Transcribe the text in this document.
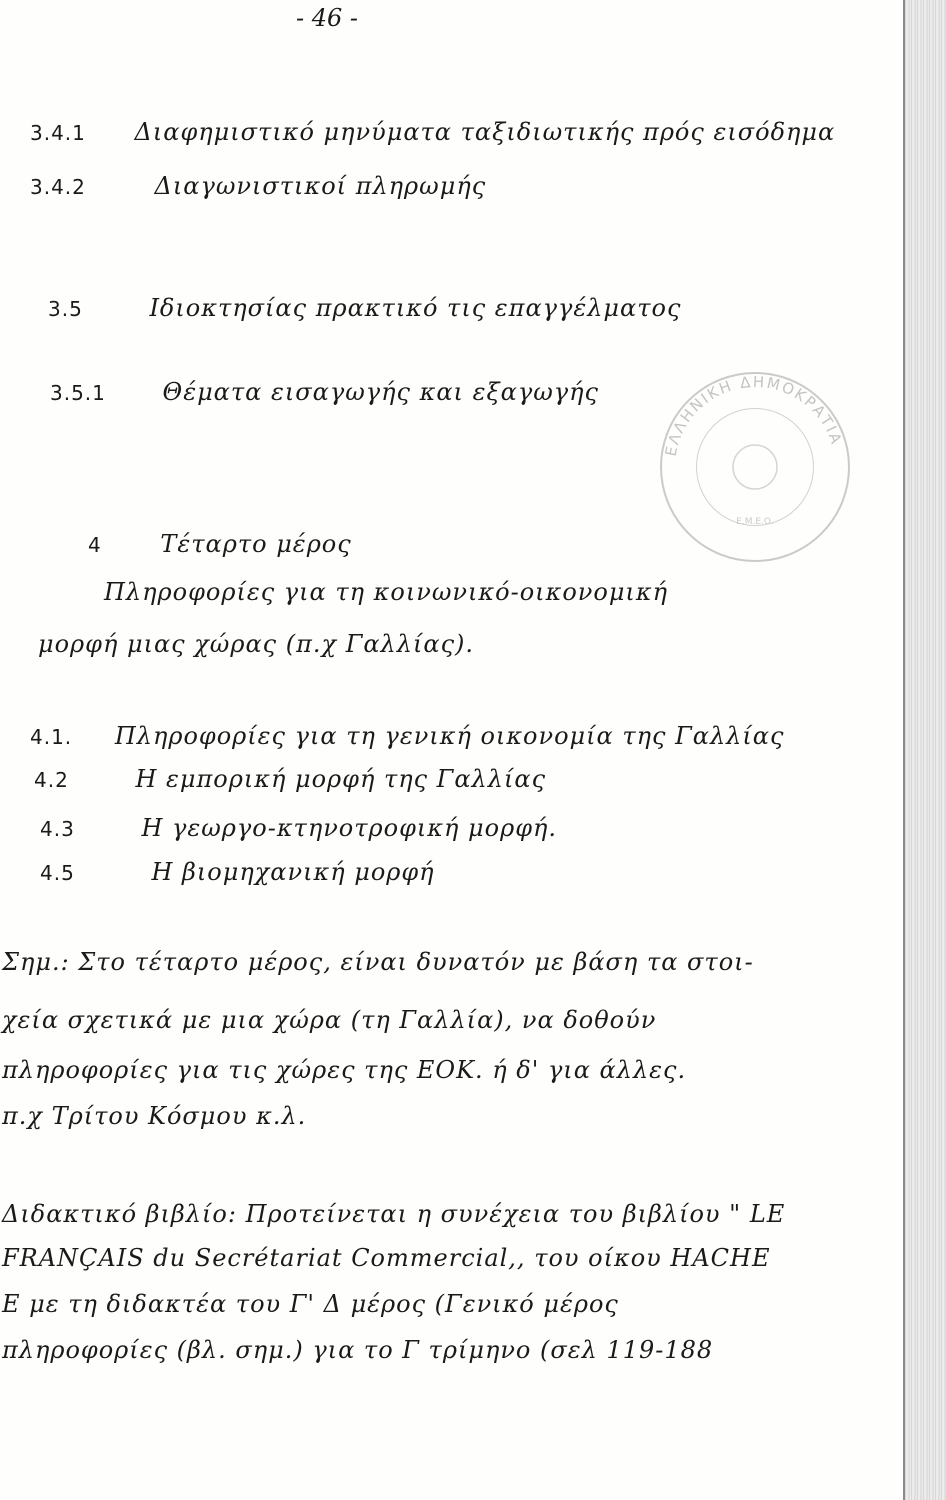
- 46 -

ΕΛΛΗΝΙΚΗ ΔΗΜΟΚΡΑΤΙΑ
Ε.Μ.Ε.Ο.
3.4.1 Διαφημιστικό μηνύματα ταξιδιωτικής πρός εισόδημα
3.4.2	Διαγωνιστικοί πληρωμής
3.5	Ιδιοκτησίας πρακτικό τις επαγγέλματος
3.5.1 Θέματα εισαγωγής και εξαγωγής
4 Τέταρτο μέρος
Πληροφορίες για τη κοινωνικό-οικονομική
μορφή μιας χώρας (π.χ Γαλλίας).
4.1. Πληροφορίες για τη γενική οικονομία της Γαλλίας
4.2	Η εμπορική μορφή της Γαλλίας
4.3	Η γεωργο-κτηνοτροφική μορφή.
4.5	Η βιομηχανική μορφή
Σημ.: Στο τέταρτο μέρος, είναι δυνατόν με βάση τα στοι-
χεία σχετικά με μια χώρα (τη Γαλλία), να δοθούν
πληροφορίες για τις χώρες της ΕΟΚ. ή δ' για άλλες.
π.χ Τρίτου Κόσμου κ.λ.
Διδακτικό βιβλίο: Προτείνεται η συνέχεια του βιβλίου " LE
FRANÇAIS du Secrétariat Commercial,, του οίκου HACHE
E με τη διδακτέα του Γ' Δ μέρος (Γενικό μέρος
πληροφορίες (βλ. σημ.) για το Γ τρίμηνο (σελ 119-188
